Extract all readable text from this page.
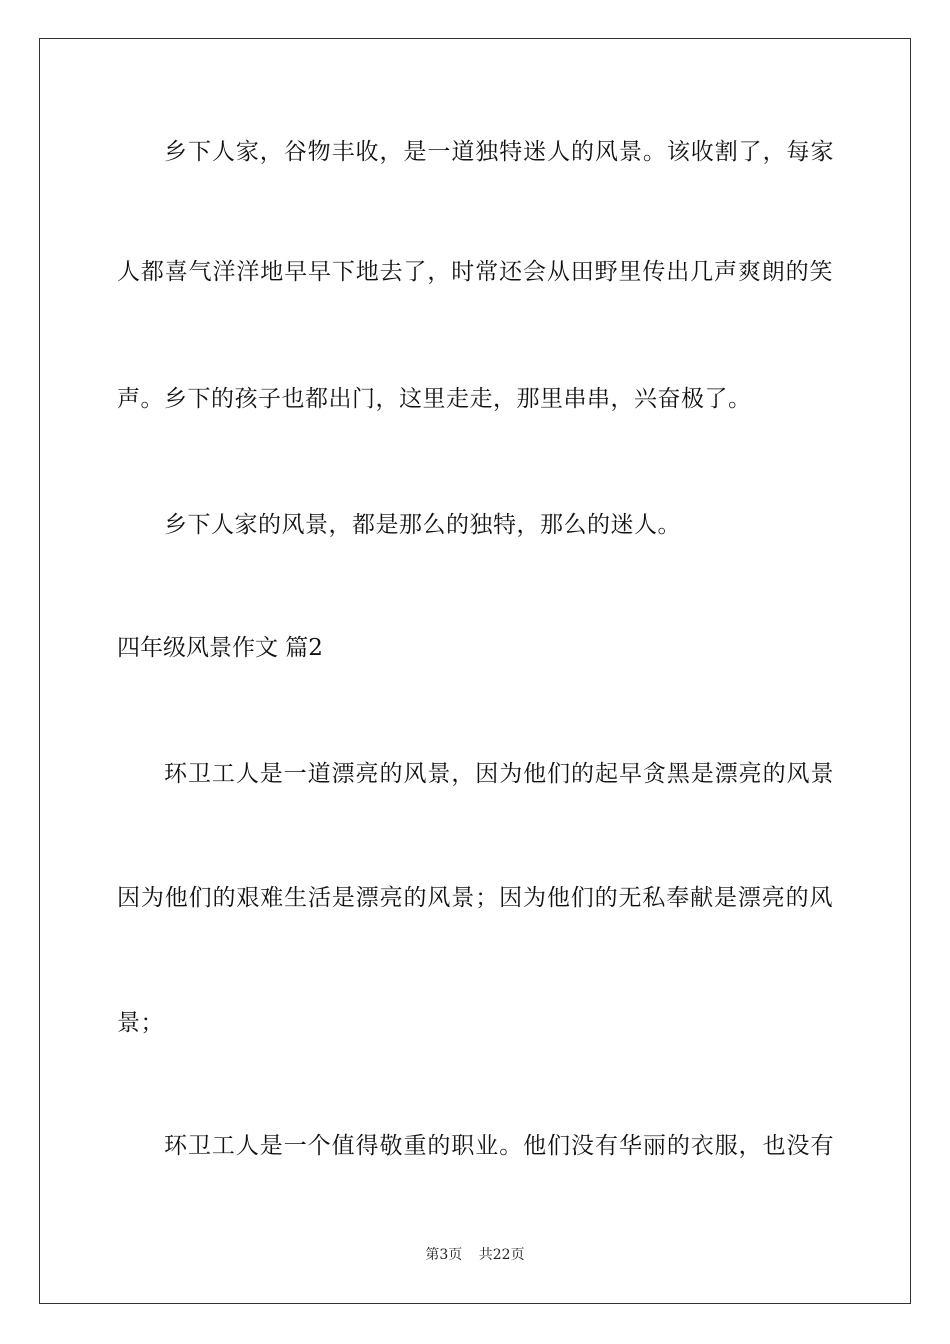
乡下人家，谷物丰收，是一道独特迷人的风景。该收割了，每家
人都喜气洋洋地早早下地去了，时常还会从田野里传出几声爽朗的笑
声。乡下的孩子也都出门，这里走走，那里串串，兴奋极了。
乡下人家的风景，都是那么的独特，那么的迷人。
四年级风景作文 篇2
环卫工人是一道漂亮的风景，因为他们的起早贪黑是漂亮的风景
因为他们的艰难生活是漂亮的风景；因为他们的无私奉献是漂亮的风
景；
环卫工人是一个值得敬重的职业。他们没有华丽的衣服，也没有
第3页 共22页
